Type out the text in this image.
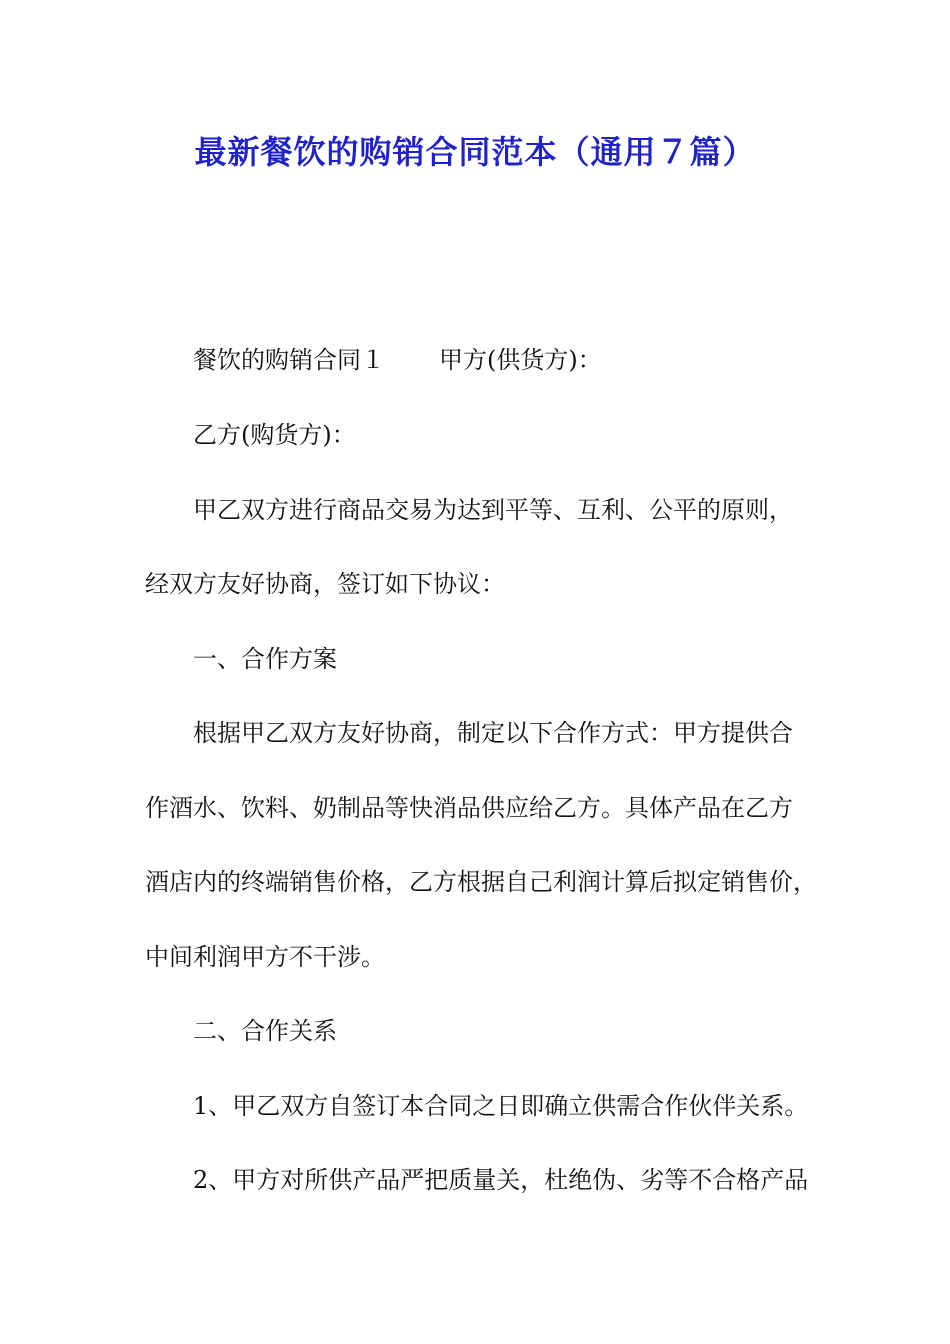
最新餐饮的购销合同范本（通用７篇）
餐饮的购销合同１ 甲方(供货方)：

乙方(购货方)：

甲乙双方进行商品交易为达到平等、互利、公平的原则，

经双方友好协商，签订如下协议：

一、合作方案

根据甲乙双方友好协商，制定以下合作方式：甲方提供合

作酒水、饮料、奶制品等快消品供应给乙方。具体产品在乙方

酒店内的终端销售价格，乙方根据自己利润计算后拟定销售价，

中间利润甲方不干涉。

二、合作关系

1、甲乙双方自签订本合同之日即确立供需合作伙伴关系。

2、甲方对所供产品严把质量关，杜绝伪、劣等不合格产品
